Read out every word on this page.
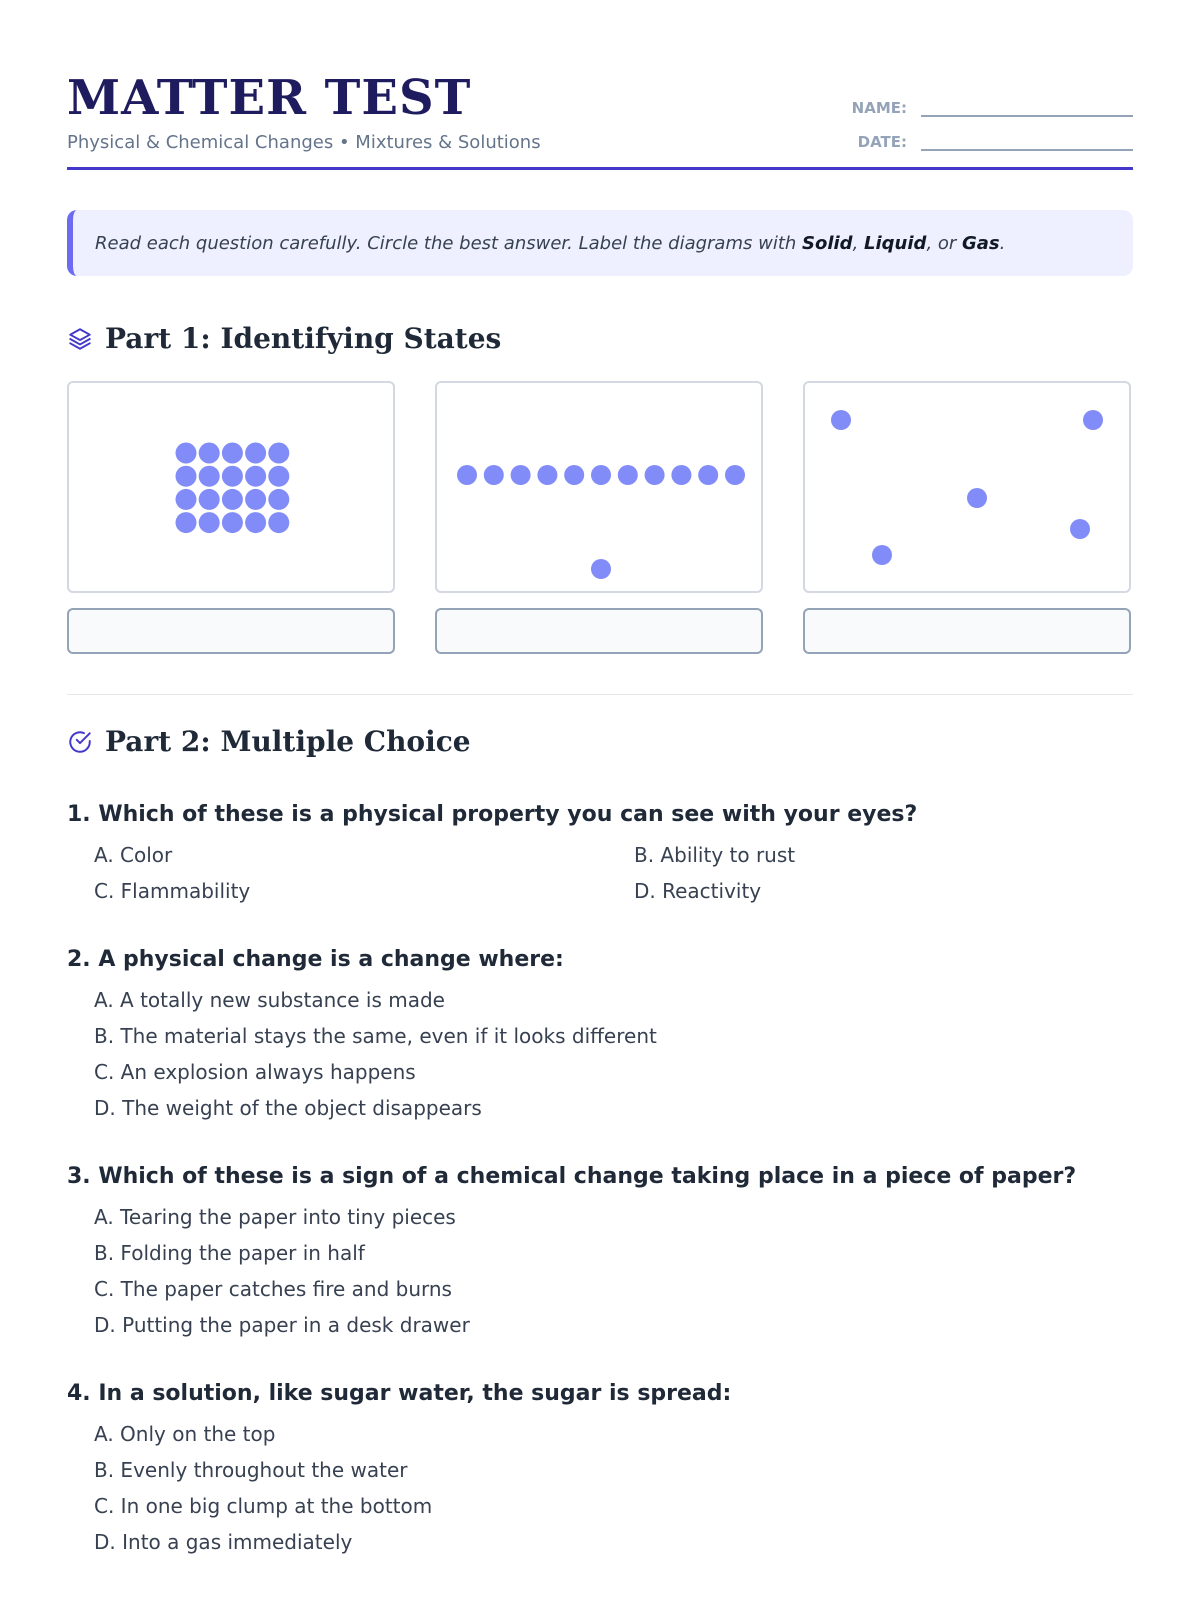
MATTER TEST
Physical & Chemical Changes • Mixtures & Solutions
NAME:
DATE:
Read each question carefully. Circle the best answer. Label the diagrams with Solid, Liquid, or Gas.
Part 1: Identifying States
Part 2: Multiple Choice
1. Which of these is a physical property you can see with your eyes?
A. Color	B. Ability to rust
C. Flammability	D. Reactivity
2. A physical change is a change where:
A. A totally new substance is made
B. The material stays the same, even if it looks different
C. An explosion always happens
D. The weight of the object disappears
3. Which of these is a sign of a chemical change taking place in a piece of paper?
A. Tearing the paper into tiny pieces
B. Folding the paper in half
C. The paper catches fire and burns
D. Putting the paper in a desk drawer
4. In a solution, like sugar water, the sugar is spread:
A. Only on the top
B. Evenly throughout the water
C. In one big clump at the bottom
D. Into a gas immediately
